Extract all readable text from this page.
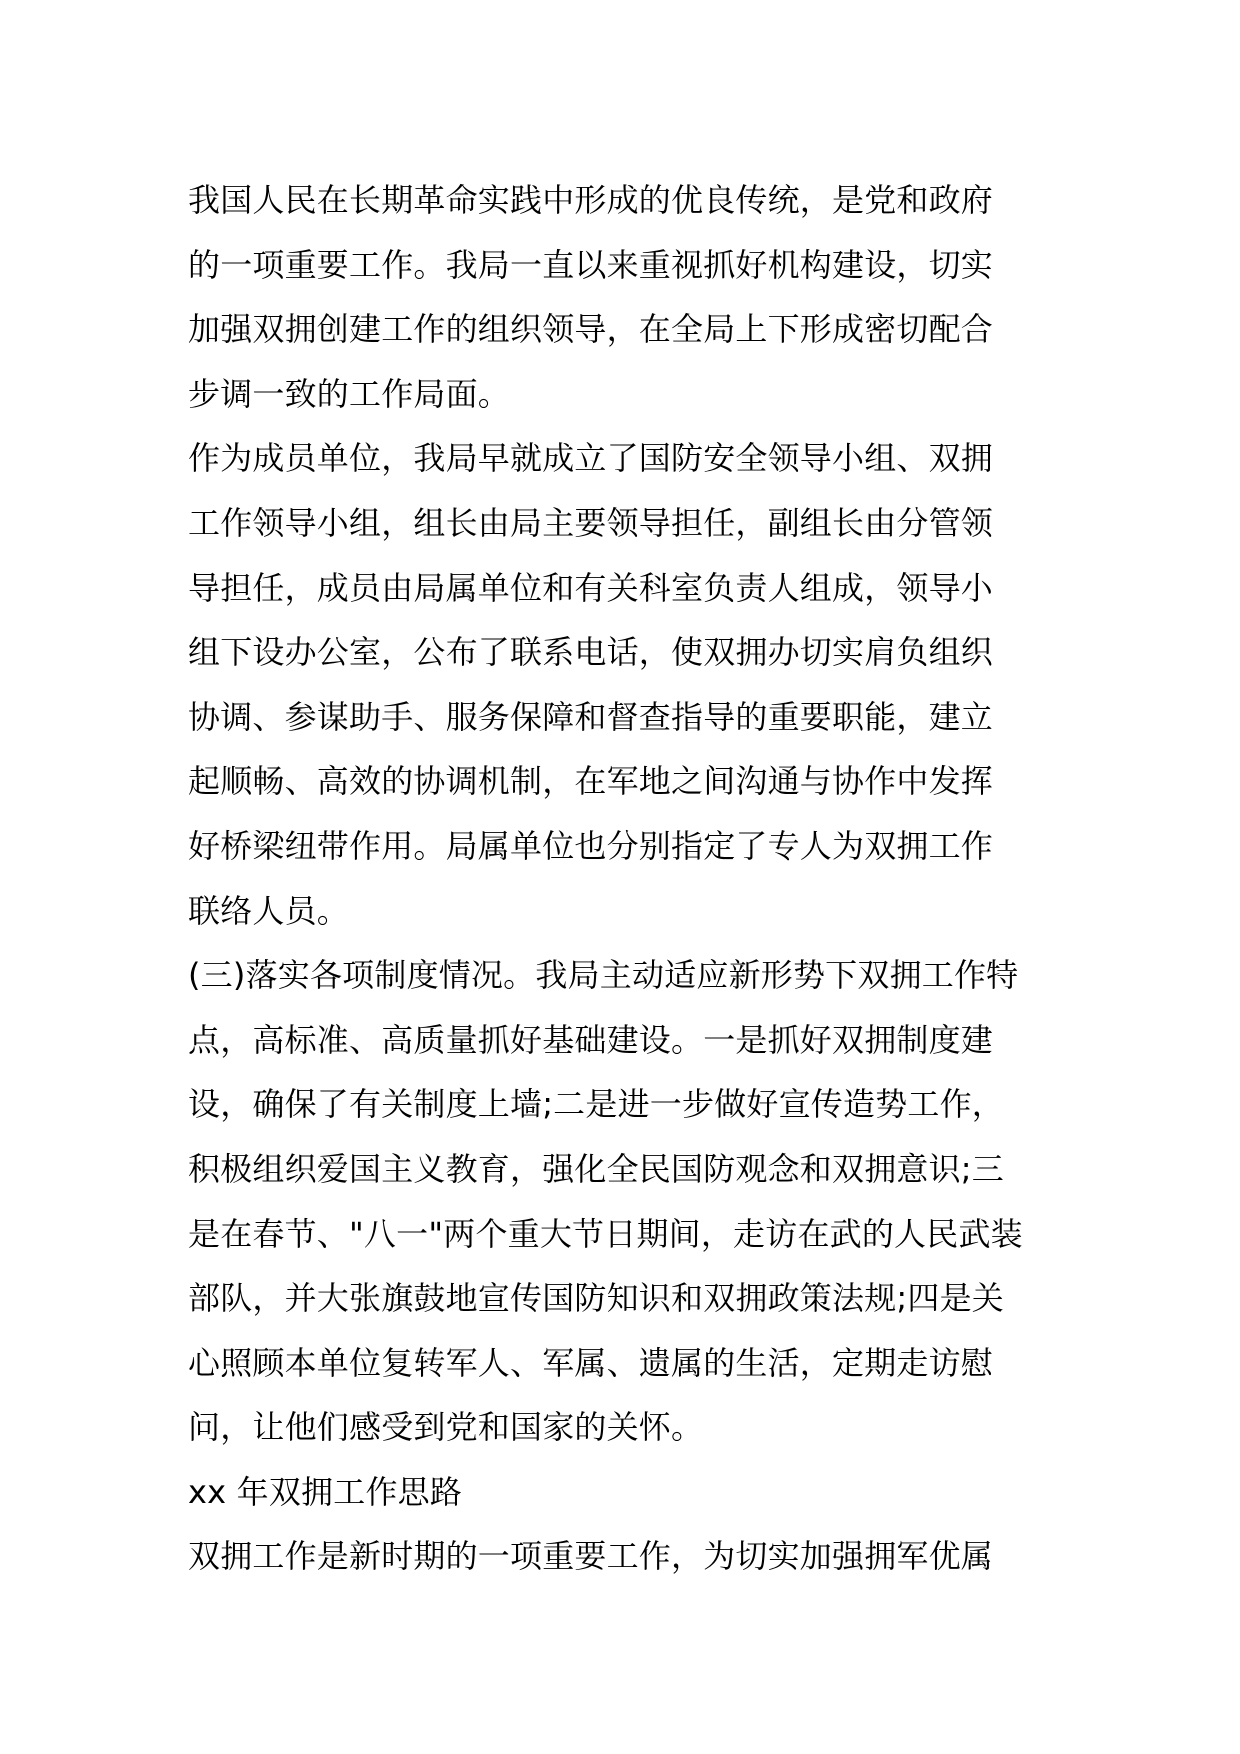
我国人民在长期革命实践中形成的优良传统，是党和政府
的一项重要工作。我局一直以来重视抓好机构建设，切实
加强双拥创建工作的组织领导，在全局上下形成密切配合
步调一致的工作局面。
作为成员单位，我局早就成立了国防安全领导小组、双拥
工作领导小组，组长由局主要领导担任，副组长由分管领
导担任，成员由局属单位和有关科室负责人组成，领导小
组下设办公室，公布了联系电话，使双拥办切实肩负组织
协调、参谋助手、服务保障和督查指导的重要职能，建立
起顺畅、高效的协调机制，在军地之间沟通与协作中发挥
好桥梁纽带作用。局属单位也分别指定了专人为双拥工作
联络人员。
(三)落实各项制度情况。我局主动适应新形势下双拥工作特
点，高标准、高质量抓好基础建设。一是抓好双拥制度建
设，确保了有关制度上墙;二是进一步做好宣传造势工作，
积极组织爱国主义教育，强化全民国防观念和双拥意识;三
是在春节、"八一"两个重大节日期间，走访在武的人民武装
部队，并大张旗鼓地宣传国防知识和双拥政策法规;四是关
心照顾本单位复转军人、军属、遗属的生活，定期走访慰
问，让他们感受到党和国家的关怀。
xx 年双拥工作思路
双拥工作是新时期的一项重要工作，为切实加强拥军优属
